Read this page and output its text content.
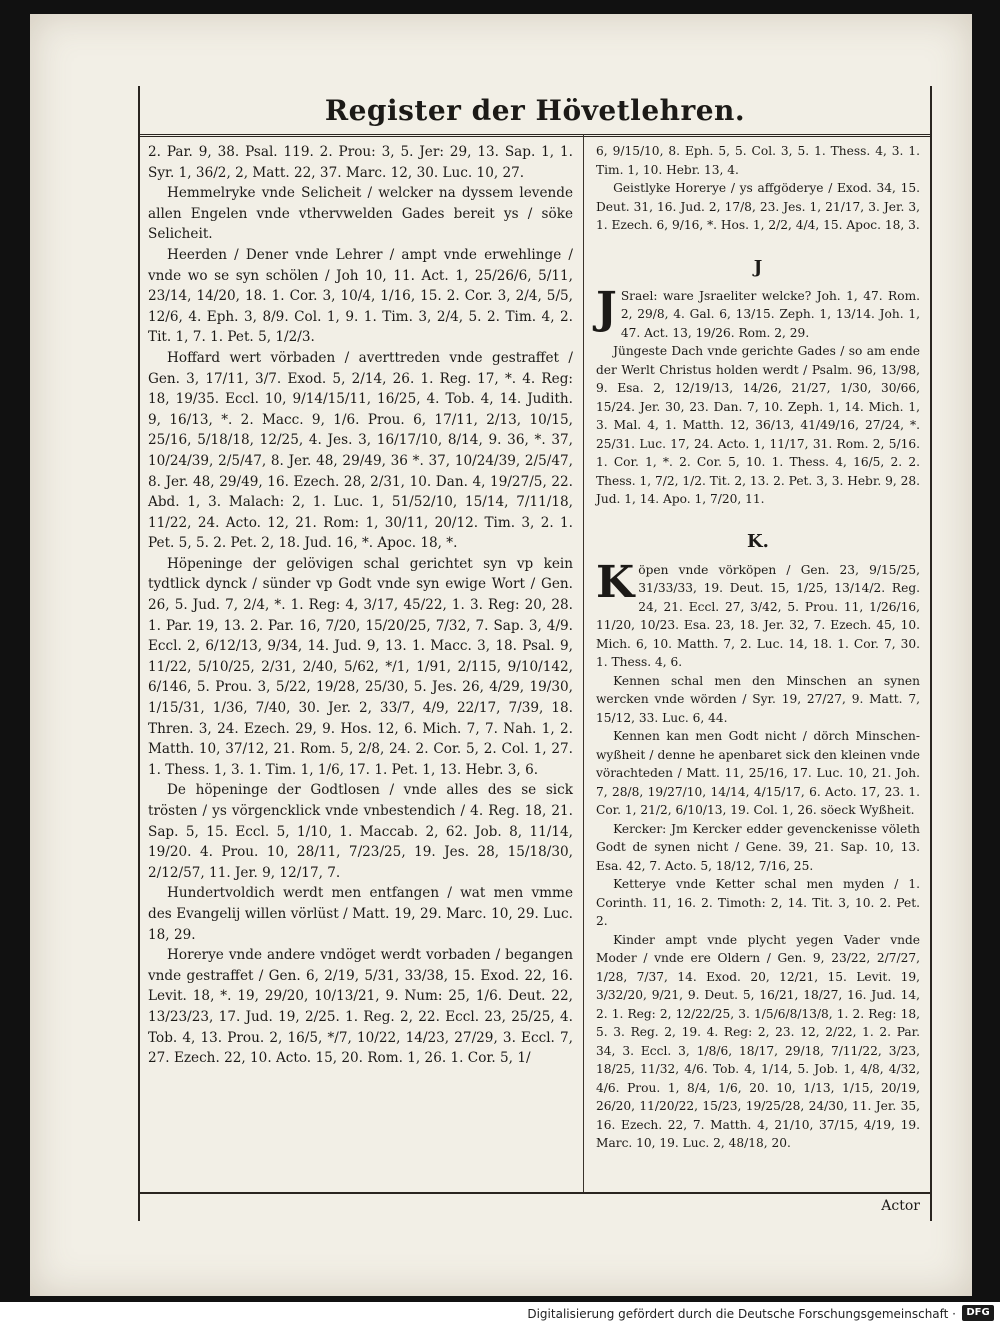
Register der Hövetlehren.

2. Par. 9, 38. Psal. 119. 2. Prou: 3, 5. Jer: 29, 13. Sap. 1, 1. Syr. 1, 36/2, 2, Matt. 22, 37. Marc. 12, 30. Luc. 10, 27.

Hemmelryke vnde Selicheit / welcker na dyssem levende allen Engelen vnde vthervwelden Gades bereit ys / söke Selicheit.

Heerden / Dener vnde Lehrer / ampt vnde erwehlinge / vnde wo se syn schölen / Joh 10, 11. Act. 1, 25/26/6, 5/11, 23/14, 14/20, 18. 1. Cor. 3, 10/4, 1/16, 15. 2. Cor. 3, 2/4, 5/5, 12/6, 4. Eph. 3, 8/9. Col. 1, 9. 1. Tim. 3, 2/4, 5. 2. Tim. 4, 2. Tit. 1, 7. 1. Pet. 5, 1/2/3.

Hoffard wert vörbaden / averttreden vnde gestraffet / Gen. 3, 17/11, 3/7. Exod. 5, 2/14, 26. 1. Reg. 17, *. 4. Reg: 18, 19/35. Eccl. 10, 9/14/15/11, 16/25, 4. Tob. 4, 14. Judith. 9, 16/13, *. 2. Macc. 9, 1/6. Prou. 6, 17/11, 2/13, 10/15, 25/16, 5/18/18, 12/25, 4. Jes. 3, 16/17/10, 8/14, 9. 36, *. 37, 10/24/39, 2/5/47, 8. Jer. 48, 29/49, 36 *. 37, 10/24/39, 2/5/47, 8. Jer. 48, 29/49, 16. Ezech. 28, 2/31, 10. Dan. 4, 19/27/5, 22. Abd. 1, 3. Malach: 2, 1. Luc. 1, 51/52/10, 15/14, 7/11/18, 11/22, 24. Acto. 12, 21. Rom: 1, 30/11, 20/12. Tim. 3, 2. 1. Pet. 5, 5. 2. Pet. 2, 18. Jud. 16, *. Apoc. 18, *.

Höpeninge der gelövigen schal gerichtet syn vp kein tydtlick dynck / sünder vp Godt vnde syn ewige Wort / Gen. 26, 5. Jud. 7, 2/4, *. 1. Reg: 4, 3/17, 45/22, 1. 3. Reg: 20, 28. 1. Par. 19, 13. 2. Par. 16, 7/20, 15/20/25, 7/32, 7. Sap. 3, 4/9. Eccl. 2, 6/12/13, 9/34, 14. Jud. 9, 13. 1. Macc. 3, 18. Psal. 9, 11/22, 5/10/25, 2/31, 2/40, 5/62, */1, 1/91, 2/115, 9/10/142, 6/146, 5. Prou. 3, 5/22, 19/28, 25/30, 5. Jes. 26, 4/29, 19/30, 1/15/31, 1/36, 7/40, 30. Jer. 2, 33/7, 4/9, 22/17, 7/39, 18. Thren. 3, 24. Ezech. 29, 9. Hos. 12, 6. Mich. 7, 7. Nah. 1, 2. Matth. 10, 37/12, 21. Rom. 5, 2/8, 24. 2. Cor. 5, 2. Col. 1, 27. 1. Thess. 1, 3. 1. Tim. 1, 1/6, 17. 1. Pet. 1, 13. Hebr. 3, 6.

De höpeninge der Godtlosen / vnde alles des se sick trösten / ys vörgencklick vnde vnbestendich / 4. Reg. 18, 21. Sap. 5, 15. Eccl. 5, 1/10, 1. Maccab. 2, 62. Job. 8, 11/14, 19/20. 4. Prou. 10, 28/11, 7/23/25, 19. Jes. 28, 15/18/30, 2/12/57, 11. Jer. 9, 12/17, 7.

Hundertvoldich werdt men entfangen / wat men vmme des Evangelij willen vörlüst / Matt. 19, 29. Marc. 10, 29. Luc. 18, 29.

Horerye vnde andere vndöget werdt vorbaden / begangen vnde gestraffet / Gen. 6, 2/19, 5/31, 33/38, 15. Exod. 22, 16. Levit. 18, *. 19, 29/20, 10/13/21, 9. Num: 25, 1/6. Deut. 22, 13/23/23, 17. Jud. 19, 2/25. 1. Reg. 2, 22. Eccl. 23, 25/25, 4. Tob. 4, 13. Prou. 2, 16/5, */7, 10/22, 14/23, 27/29, 3. Eccl. 7, 27. Ezech. 22, 10. Acto. 15, 20. Rom. 1, 26. 1. Cor. 5, 1/

6, 9/15/10, 8. Eph. 5, 5. Col. 3, 5. 1. Thess. 4, 3. 1. Tim. 1, 10. Hebr. 13, 4.

Geistlyke Horerye / ys affgöderye / Exod. 34, 15. Deut. 31, 16. Jud. 2, 17/8, 23. Jes. 1, 21/17, 3. Jer. 3, 1. Ezech. 6, 9/16, *. Hos. 1, 2/2, 4/4, 15. Apoc. 18, 3.

J

J Srael: ware Jsraeliter welcke? Joh. 1, 47. Rom. 2, 29/8, 4. Gal. 6, 13/15. Zeph. 1, 13/14. Joh. 1, 47. Act. 13, 19/26. Rom. 2, 29.

Jüngeste Dach vnde gerichte Gades / so am ende der Werlt Christus holden werdt / Psalm. 96, 13/98, 9. Esa. 2, 12/19/13, 14/26, 21/27, 1/30, 30/66, 15/24. Jer. 30, 23. Dan. 7, 10. Zeph. 1, 14. Mich. 1, 3. Mal. 4, 1. Matth. 12, 36/13, 41/49/16, 27/24, *. 25/31. Luc. 17, 24. Acto. 1, 11/17, 31. Rom. 2, 5/16. 1. Cor. 1, *. 2. Cor. 5, 10. 1. Thess. 4, 16/5, 2. 2. Thess. 1, 7/2, 1/2. Tit. 2, 13. 2. Pet. 3, 3. Hebr. 9, 28. Jud. 1, 14. Apo. 1, 7/20, 11.

K.

Köpen vnde vörköpen / Gen. 23, 9/15/25, 31/33/33, 19. Deut. 15, 1/25, 13/14/2. Reg. 24, 21. Eccl. 27, 3/42, 5. Prou. 11, 1/26/16, 11/20, 10/23. Esa. 23, 18. Jer. 32, 7. Ezech. 45, 10. Mich. 6, 10. Matth. 7, 2. Luc. 14, 18. 1. Cor. 7, 30. 1. Thess. 4, 6.

Kennen schal men den Minschen an synen wercken vnde wörden / Syr. 19, 27/27, 9. Matt. 7, 15/12, 33. Luc. 6, 44.

Kennen kan men Godt nicht / dörch Minschen-wyßheit / denne he apenbaret sick den kleinen vnde vörachteden / Matt. 11, 25/16, 17. Luc. 10, 21. Joh. 7, 28/8, 19/27/10, 14/14, 4/15/17, 6. Acto. 17, 23. 1. Cor. 1, 21/2, 6/10/13, 19. Col. 1, 26. söeck Wyßheit.

Kercker: Jm Kercker edder gevenckenisse völeth Godt de synen nicht / Gene. 39, 21. Sap. 10, 13. Esa. 42, 7. Acto. 5, 18/12, 7/16, 25.

Ketterye vnde Ketter schal men myden / 1. Corinth. 11, 16. 2. Timoth: 2, 14. Tit. 3, 10. 2. Pet. 2.

Kinder ampt vnde plycht yegen Vader vnde Moder / vnde ere Oldern / Gen. 9, 23/22, 2/7/27, 1/28, 7/37, 14. Exod. 20, 12/21, 15. Levit. 19, 3/32/20, 9/21, 9. Deut. 5, 16/21, 18/27, 16. Jud. 14, 2. 1. Reg: 2, 12/22/25, 3. 1/5/6/8/13/8, 1. 2. Reg: 18, 5. 3. Reg. 2, 19. 4. Reg: 2, 23. 12, 2/22, 1. 2. Par. 34, 3. Eccl. 3, 1/8/6, 18/17, 29/18, 7/11/22, 3/23, 18/25, 11/32, 4/6. Tob. 4, 1/14, 5. Job. 1, 4/8, 4/32, 4/6. Prou. 1, 8/4, 1/6, 20. 10, 1/13, 1/15, 20/19, 26/20, 11/20/22, 15/23, 19/25/28, 24/30, 11. Jer. 35, 16. Ezech. 22, 7. Matth. 4, 21/10, 37/15, 4/19, 19. Marc. 10, 19. Luc. 2, 48/18, 20.

Actor
Digitalisierung gefördert durch die Deutsche Forschungsgemeinschaft ·	DFG
